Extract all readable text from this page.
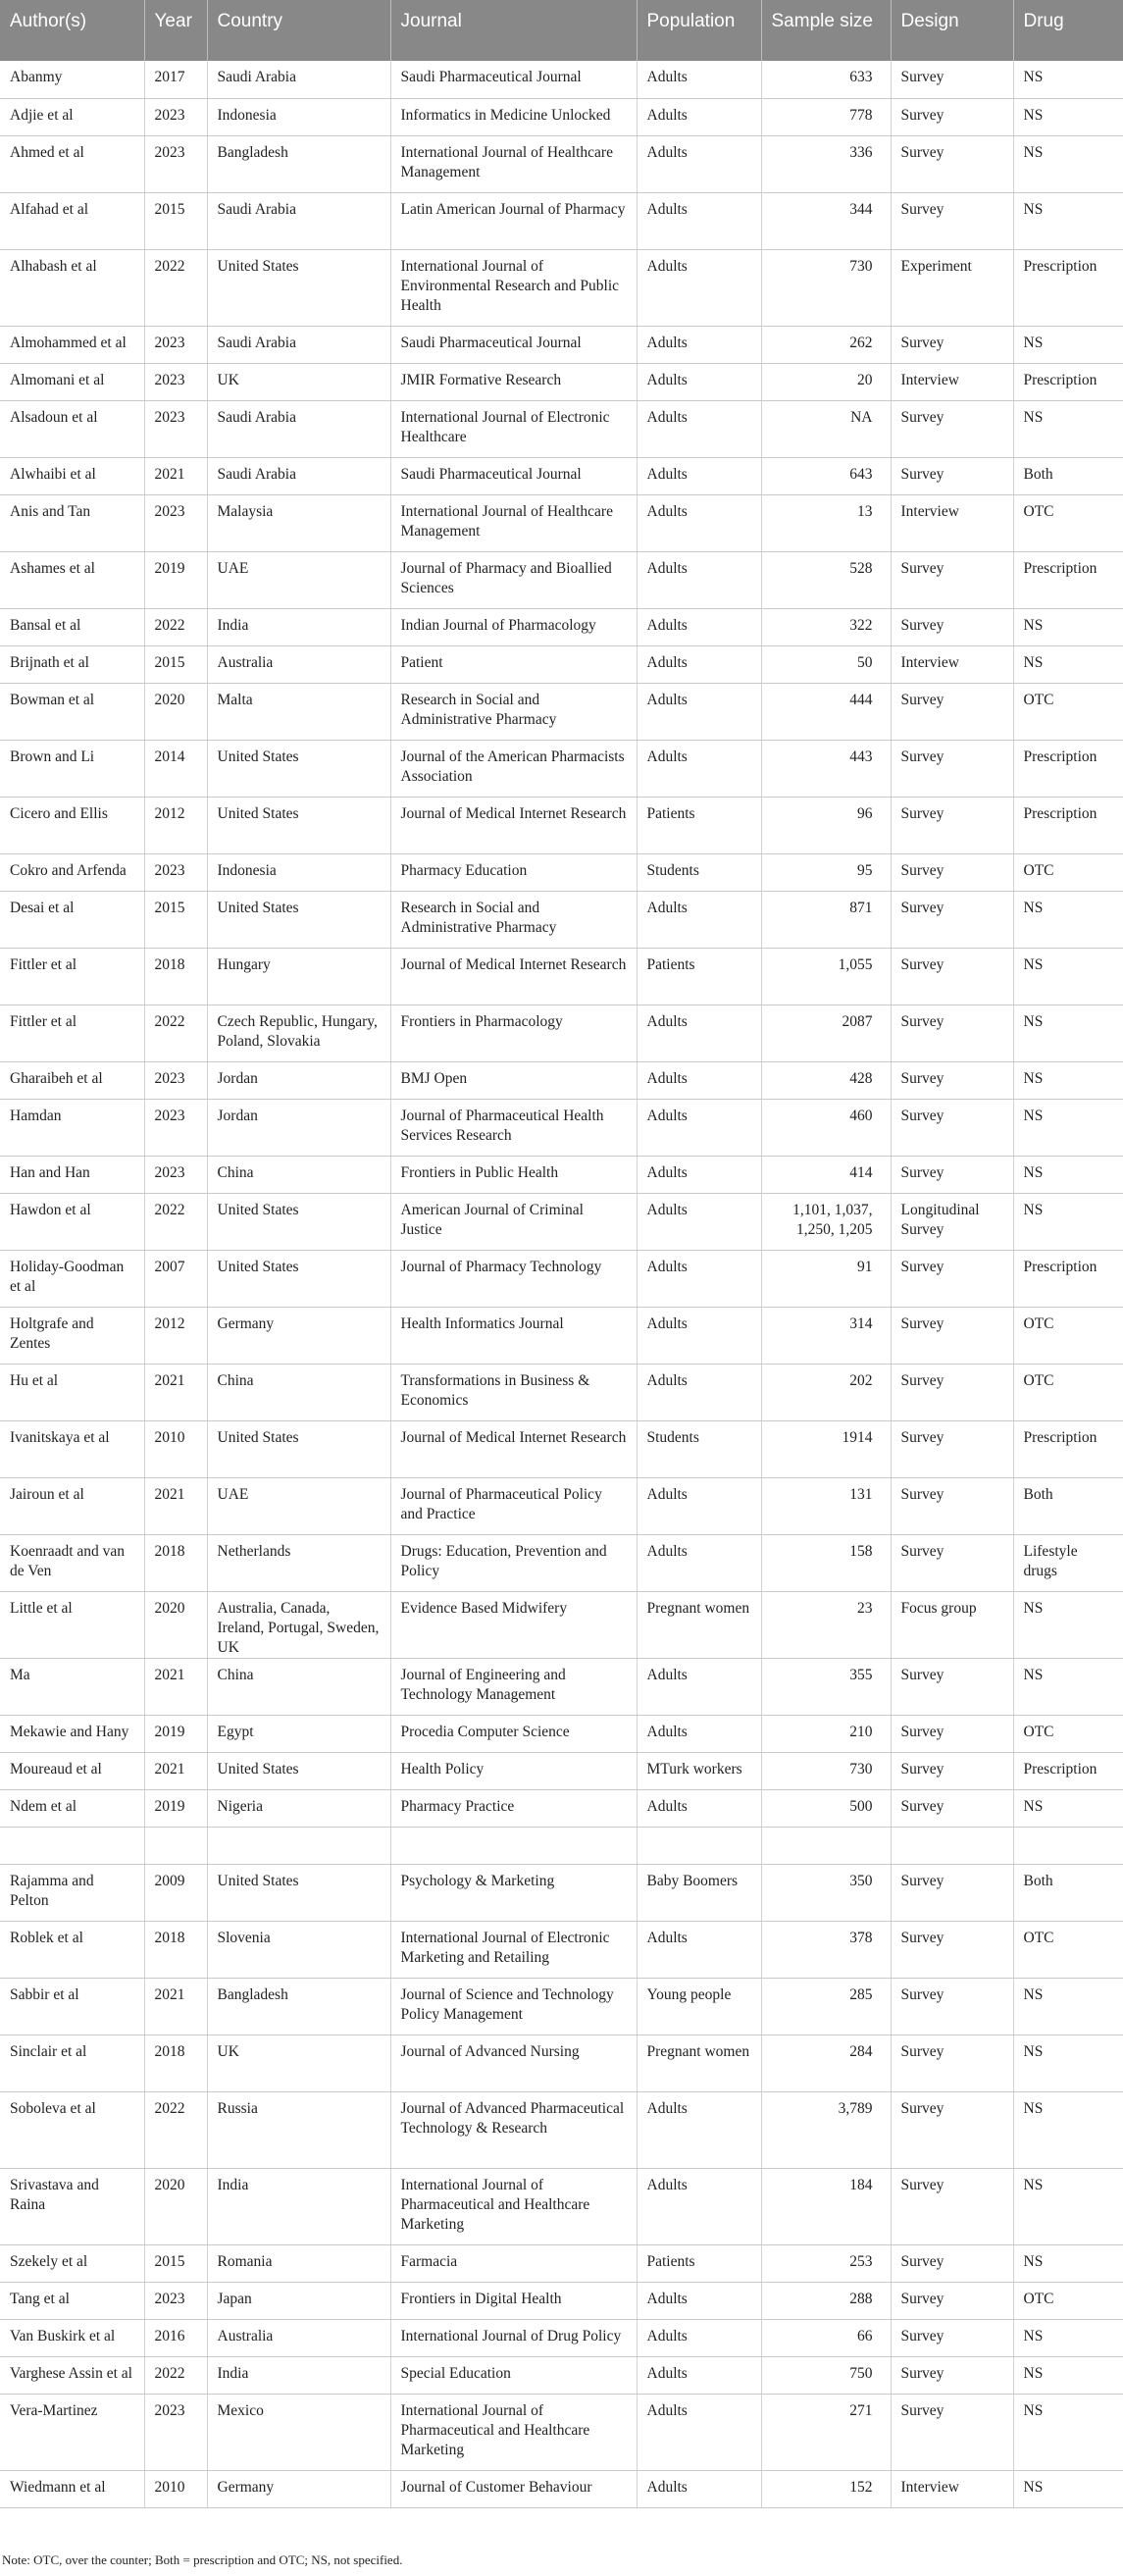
Author(s)	Year	Country	Journal	Population	Sample size	Design	Drug
Abanmy	2017	Saudi Arabia	Saudi Pharmaceutical Journal	Adults	633	Survey	NS
Adjie et al	2023	Indonesia	Informatics in Medicine Unlocked	Adults	778	Survey	NS
Ahmed et al	2023	Bangladesh	International Journal of Healthcare Management	Adults	336	Survey	NS
Alfahad et al	2015	Saudi Arabia	Latin American Journal of Pharmacy	Adults	344	Survey	NS
Alhabash et al	2022	United States	International Journal of Environmental Research and Public Health	Adults	730	Experiment	Prescription
Almohammed et al	2023	Saudi Arabia	Saudi Pharmaceutical Journal	Adults	262	Survey	NS
Almomani et al	2023	UK	JMIR Formative Research	Adults	20	Interview	Prescription
Alsadoun et al	2023	Saudi Arabia	International Journal of Electronic Healthcare	Adults	NA	Survey	NS
Alwhaibi et al	2021	Saudi Arabia	Saudi Pharmaceutical Journal	Adults	643	Survey	Both
Anis and Tan	2023	Malaysia	International Journal of Healthcare Management	Adults	13	Interview	OTC
Ashames et al	2019	UAE	Journal of Pharmacy and Bioallied Sciences	Adults	528	Survey	Prescription
Bansal et al	2022	India	Indian Journal of Pharmacology	Adults	322	Survey	NS
Brijnath et al	2015	Australia	Patient	Adults	50	Interview	NS
Bowman et al	2020	Malta	Research in Social and Administrative Pharmacy	Adults	444	Survey	OTC
Brown and Li	2014	United States	Journal of the American Pharmacists Association	Adults	443	Survey	Prescription
Cicero and Ellis	2012	United States	Journal of Medical Internet Research	Patients	96	Survey	Prescription
Cokro and Arfenda	2023	Indonesia	Pharmacy Education	Students	95	Survey	OTC
Desai et al	2015	United States	Research in Social and Administrative Pharmacy	Adults	871	Survey	NS
Fittler et al	2018	Hungary	Journal of Medical Internet Research	Patients	1,055	Survey	NS
Fittler et al	2022	Czech Republic, Hungary, Poland, Slovakia	Frontiers in Pharmacology	Adults	2087	Survey	NS
Gharaibeh et al	2023	Jordan	BMJ Open	Adults	428	Survey	NS
Hamdan	2023	Jordan	Journal of Pharmaceutical Health Services Research	Adults	460	Survey	NS
Han and Han	2023	China	Frontiers in Public Health	Adults	414	Survey	NS
Hawdon et al	2022	United States	American Journal of Criminal Justice	Adults	1,101, 1,037, 1,250, 1,205	Longitudinal Survey	NS
Holiday-Goodman et al	2007	United States	Journal of Pharmacy Technology	Adults	91	Survey	Prescription
Holtgrafe and Zentes	2012	Germany	Health Informatics Journal	Adults	314	Survey	OTC
Hu et al	2021	China	Transformations in Business & Economics	Adults	202	Survey	OTC
Ivanitskaya et al	2010	United States	Journal of Medical Internet Research	Students	1914	Survey	Prescription
Jairoun et al	2021	UAE	Journal of Pharmaceutical Policy and Practice	Adults	131	Survey	Both
Koenraadt and van de Ven	2018	Netherlands	Drugs: Education, Prevention and Policy	Adults	158	Survey	Lifestyle drugs
Little et al	2020	Australia, Canada, Ireland, Portugal, Sweden, UK	Evidence Based Midwifery	Pregnant women	23	Focus group	NS
Ma	2021	China	Journal of Engineering and Technology Management	Adults	355	Survey	NS
Mekawie and Hany	2019	Egypt	Procedia Computer Science	Adults	210	Survey	OTC
Moureaud et al	2021	United States	Health Policy	MTurk workers	730	Survey	Prescription
Ndem et al	2019	Nigeria	Pharmacy Practice	Adults	500	Survey	NS

Rajamma and Pelton	2009	United States	Psychology & Marketing	Baby Boomers	350	Survey	Both
Roblek et al	2018	Slovenia	International Journal of Electronic Marketing and Retailing	Adults	378	Survey	OTC
Sabbir et al	2021	Bangladesh	Journal of Science and Technology Policy Management	Young people	285	Survey	NS
Sinclair et al	2018	UK	Journal of Advanced Nursing	Pregnant women	284	Survey	NS
Soboleva et al	2022	Russia	Journal of Advanced Pharmaceutical Technology & Research	Adults	3,789	Survey	NS
Srivastava and Raina	2020	India	International Journal of Pharmaceutical and Healthcare Marketing	Adults	184	Survey	NS
Szekely et al	2015	Romania	Farmacia	Patients	253	Survey	NS
Tang et al	2023	Japan	Frontiers in Digital Health	Adults	288	Survey	OTC
Van Buskirk et al	2016	Australia	International Journal of Drug Policy	Adults	66	Survey	NS
Varghese Assin et al	2022	India	Special Education	Adults	750	Survey	NS
Vera-Martinez	2023	Mexico	International Journal of Pharmaceutical and Healthcare Marketing	Adults	271	Survey	NS
Wiedmann et al	2010	Germany	Journal of Customer Behaviour	Adults	152	Interview	NS
Note: OTC, over the counter; Both = prescription and OTC; NS, not specified.
